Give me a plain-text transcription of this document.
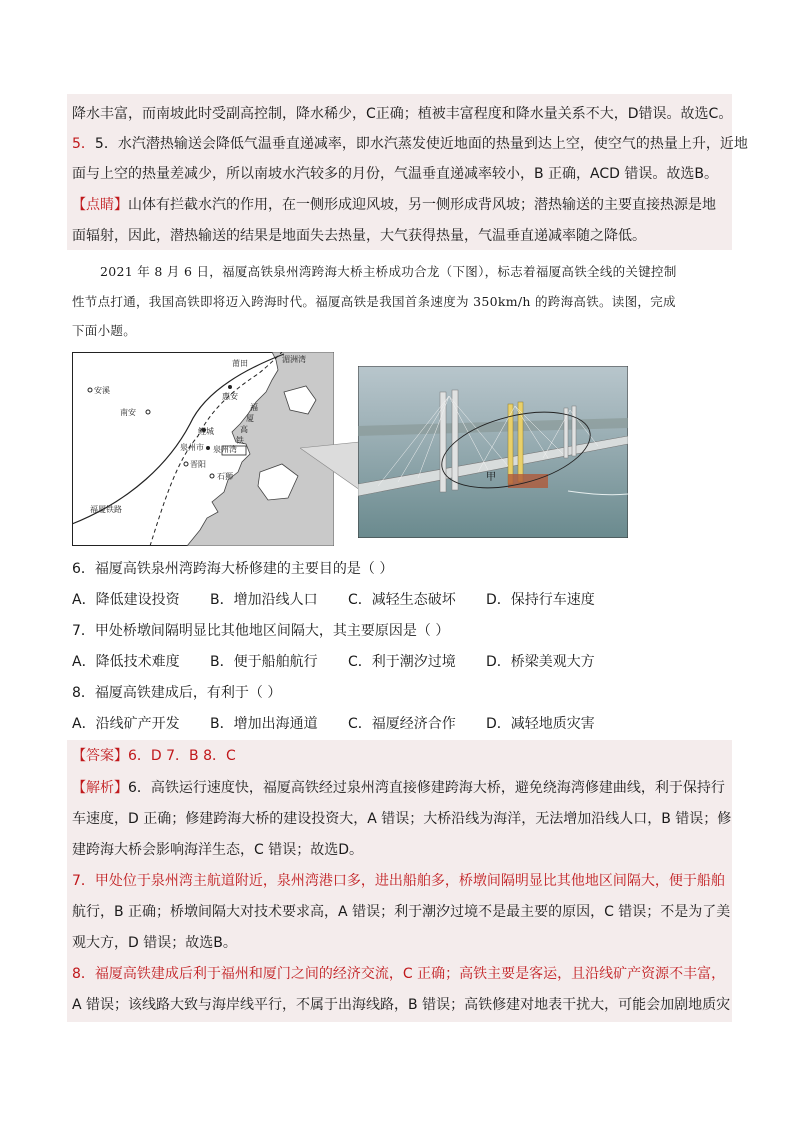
降水丰富，而南坡此时受副高控制，降水稀少，C正确；植被丰富程度和降水量关系不大，D错误。故选C。
5．5．水汽潜热输送会降低气温垂直递减率，即水汽蒸发使近地面的热量到达上空，使空气的热量上升，近地
面与上空的热量差减少，所以南坡水汽较多的月份，气温垂直递减率较小，B 正确，ACD 错误。故选B。
【点睛】山体有拦截水汽的作用，在一侧形成迎风坡，另一侧形成背风坡；潜热输送的主要直接热源是地
面辐射，因此，潜热输送的结果是地面失去热量，大气获得热量，气温垂直递减率随之降低。
2021 年 8 月 6 日，福厦高铁泉州湾跨海大桥主桥成功合龙（下图），标志着福厦高铁全线的关键控制
性节点打通，我国高铁即将迈入跨海时代。福厦高铁是我国首条速度为 350km/h 的跨海高铁。读图，完成
下面小题。
湄洲湾
莆田
安溪
南安
惠安
鲤城
福
厦
高
铁
泉州市 泉州湾
晋阳
石狮
福厦铁路
甲
6．福厦高铁泉州湾跨海大桥修建的主要目的是（ ）
A．降低建设投资 B．增加沿线人口 C．减轻生态破坏 D．保持行车速度
7．甲处桥墩间隔明显比其他地区间隔大，其主要原因是（ ）
A．降低技术难度 B．便于船舶航行 C．利于潮汐过境 D．桥梁美观大方
8．福厦高铁建成后，有利于（ ）
A．沿线矿产开发 B．增加出海通道 C．福厦经济合作 D．减轻地质灾害
【答案】6．D 7．B 8．C
【解析】6．高铁运行速度快，福厦高铁经过泉州湾直接修建跨海大桥，避免绕海湾修建曲线，利于保持行
车速度，D 正确；修建跨海大桥的建设投资大，A 错误；大桥沿线为海洋，无法增加沿线人口，B 错误；修
建跨海大桥会影响海洋生态，C 错误；故选D。
7．甲处位于泉州湾主航道附近，泉州湾港口多，进出船舶多，桥墩间隔明显比其他地区间隔大，便于船舶
航行，B 正确；桥墩间隔大对技术要求高，A 错误；利于潮汐过境不是最主要的原因，C 错误；不是为了美
观大方，D 错误；故选B。
8．福厦高铁建成后利于福州和厦门之间的经济交流，C 正确；高铁主要是客运，且沿线矿产资源不丰富，
A 错误；该线路大致与海岸线平行，不属于出海线路，B 错误；高铁修建对地表干扰大，可能会加剧地质灾
